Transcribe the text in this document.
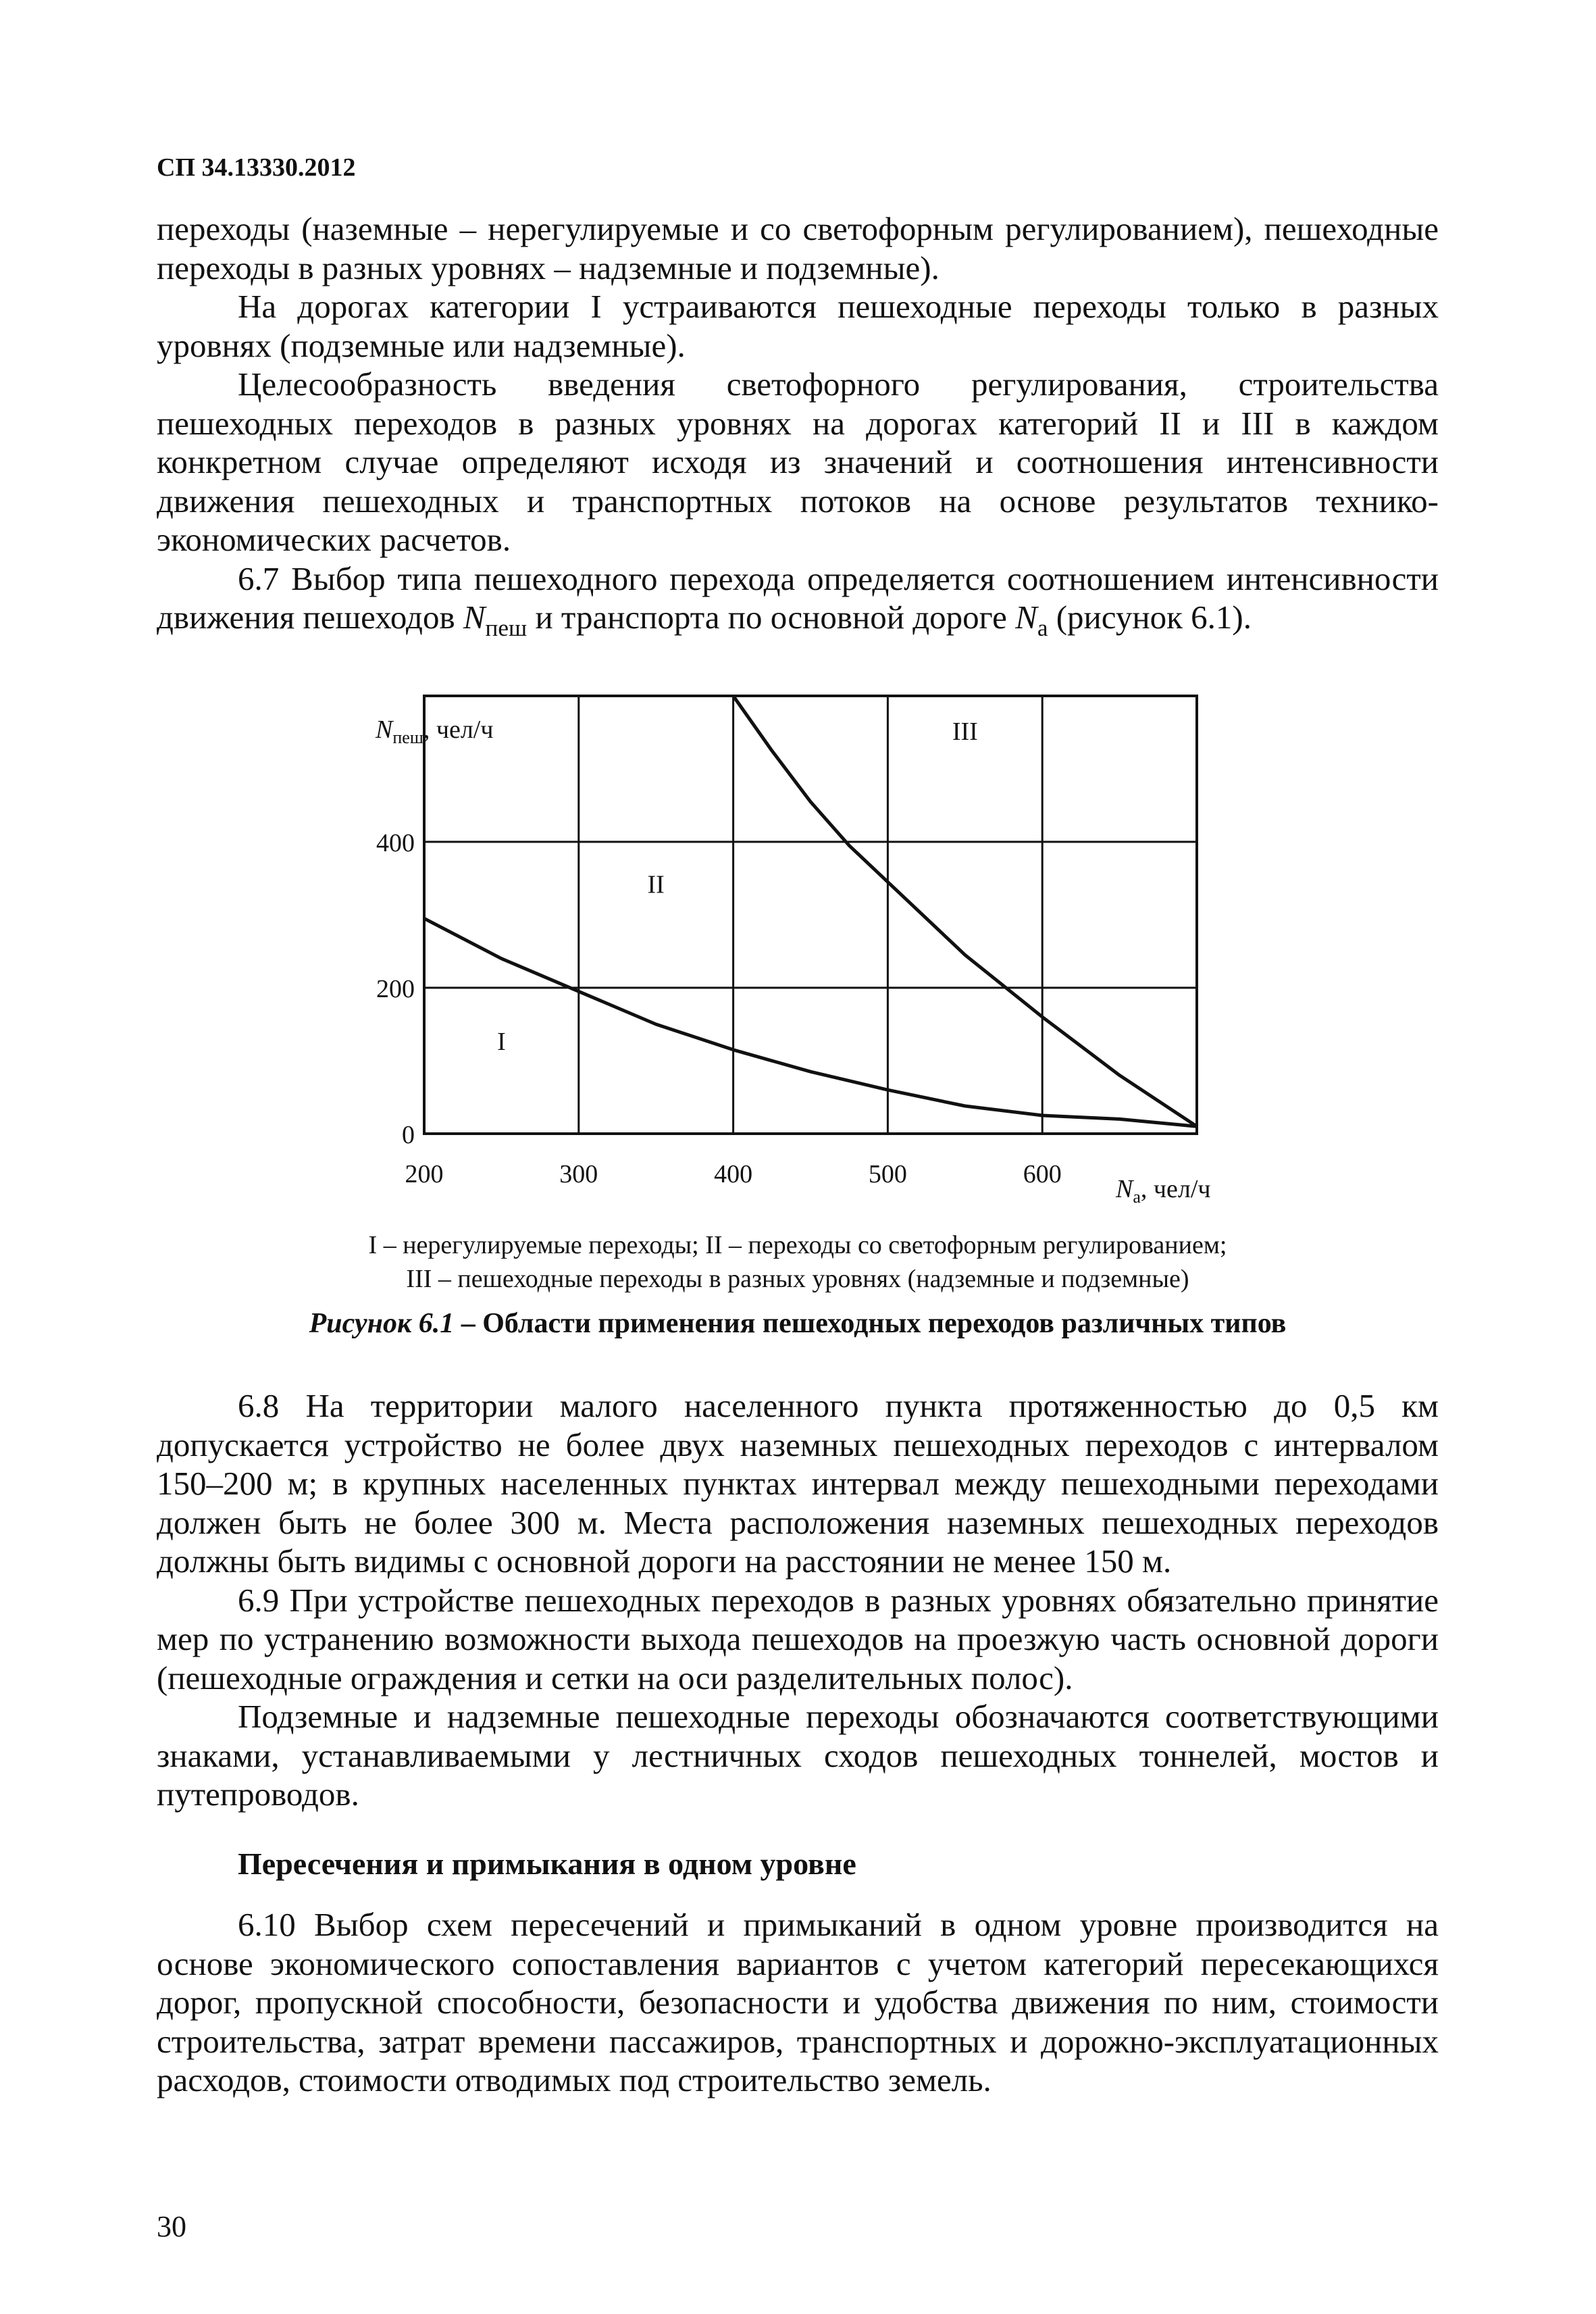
СП 34.13330.2012

переходы (наземные – нерегулируемые и со светофорным регулированием), пешеходные переходы в разных уровнях – надземные и подземные).

На дорогах категории I устраиваются пешеходные переходы только в разных уровнях (подземные или надземные).

Целесообразность введения светофорного регулирования, строительства пешеходных переходов в разных уровнях на дорогах категорий II и III в каждом конкретном случае определяют исходя из значений и соотношения интенсивности движения пешеходных и транспортных потоков на основе результатов технико-экономических расчетов.

6.7 Выбор типа пешеходного перехода определяется соотношением интенсивности движения пешеходов $N_{пеш}$ и транспорта по основной дороге $N_а$ (рисунок 6.1).

200	300	400	500	600
0
200
400
I
II
III
$N_{пеш}$, чел/ч
$N_а$, чел/ч
I – нерегулируемые переходы; II – переходы со светофорным регулированием;
III – пешеходные переходы в разных уровнях (надземные и подземные)
Рисунок 6.1 – Области применения пешеходных переходов различных типов

6.8 На территории малого населенного пункта протяженностью до 0,5 км допускается устройство не более двух наземных пешеходных переходов с интервалом 150–200 м; в крупных населенных пунктах интервал между пешеходными переходами должен быть не более 300 м. Места расположения наземных пешеходных переходов должны быть видимы с основной дороги на расстоянии не менее 150 м.

6.9 При устройстве пешеходных переходов в разных уровнях обязательно принятие мер по устранению возможности выхода пешеходов на проезжую часть основной дороги (пешеходные ограждения и сетки на оси разделительных полос).

Подземные и надземные пешеходные переходы обозначаются соответствующими знаками, устанавливаемыми у лестничных сходов пешеходных тоннелей, мостов и путепроводов.

Пересечения и примыкания в одном уровне

6.10 Выбор схем пересечений и примыканий в одном уровне производится на основе экономического сопоставления вариантов с учетом категорий пересекающихся дорог, пропускной способности, безопасности и удобства движения по ним, стоимости строительства, затрат времени пассажиров, транспортных и дорожно-эксплуатационных расходов, стоимости отводимых под строительство земель.

30
